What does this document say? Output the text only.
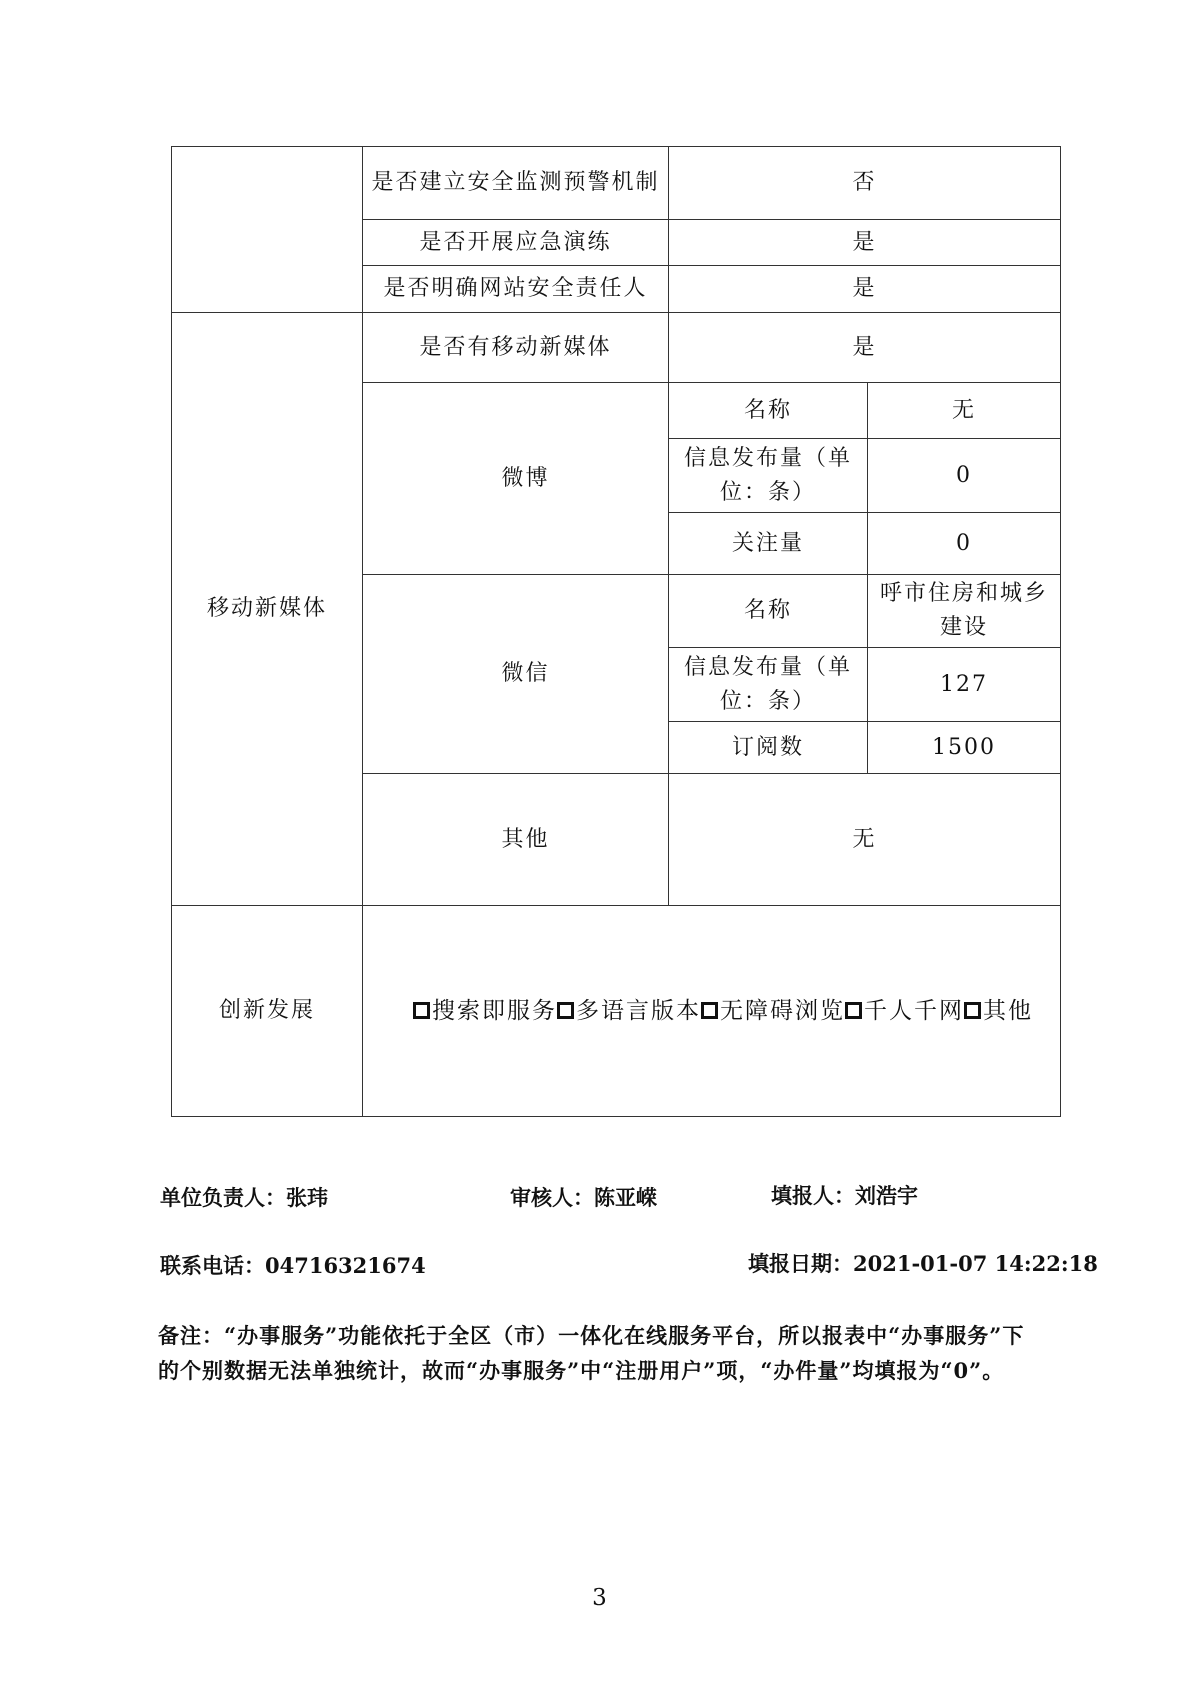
	是否建立安全监测预警机制	否	
	是否开展应急演练	是	
	是否明确网站安全责任人	是	
移动新媒体	是否有移动新媒体	是	
	微博	名称	无
		信息发布量（单位：条）	0
		关注量	0
	微信	名称	呼市住房和城乡建设
		信息发布量（单位：条）	127
		订阅数	1500
	其他	无	
创新发展	搜索即服务 多语言版本 无障碍浏览 千人千网 其他		
单位负责人：张玮	审核人：陈亚嵘	填报人：刘浩宇
联系电话：04716321674	填报日期：2021-01-07 14:22:18
备注：“办事服务”功能依托于全区（市）一体化在线服务平台，所以报表中“办事服务”下的个别数据无法单独统计，故而“办事服务”中“注册用户”项，“办件量”均填报为“0”。
3
